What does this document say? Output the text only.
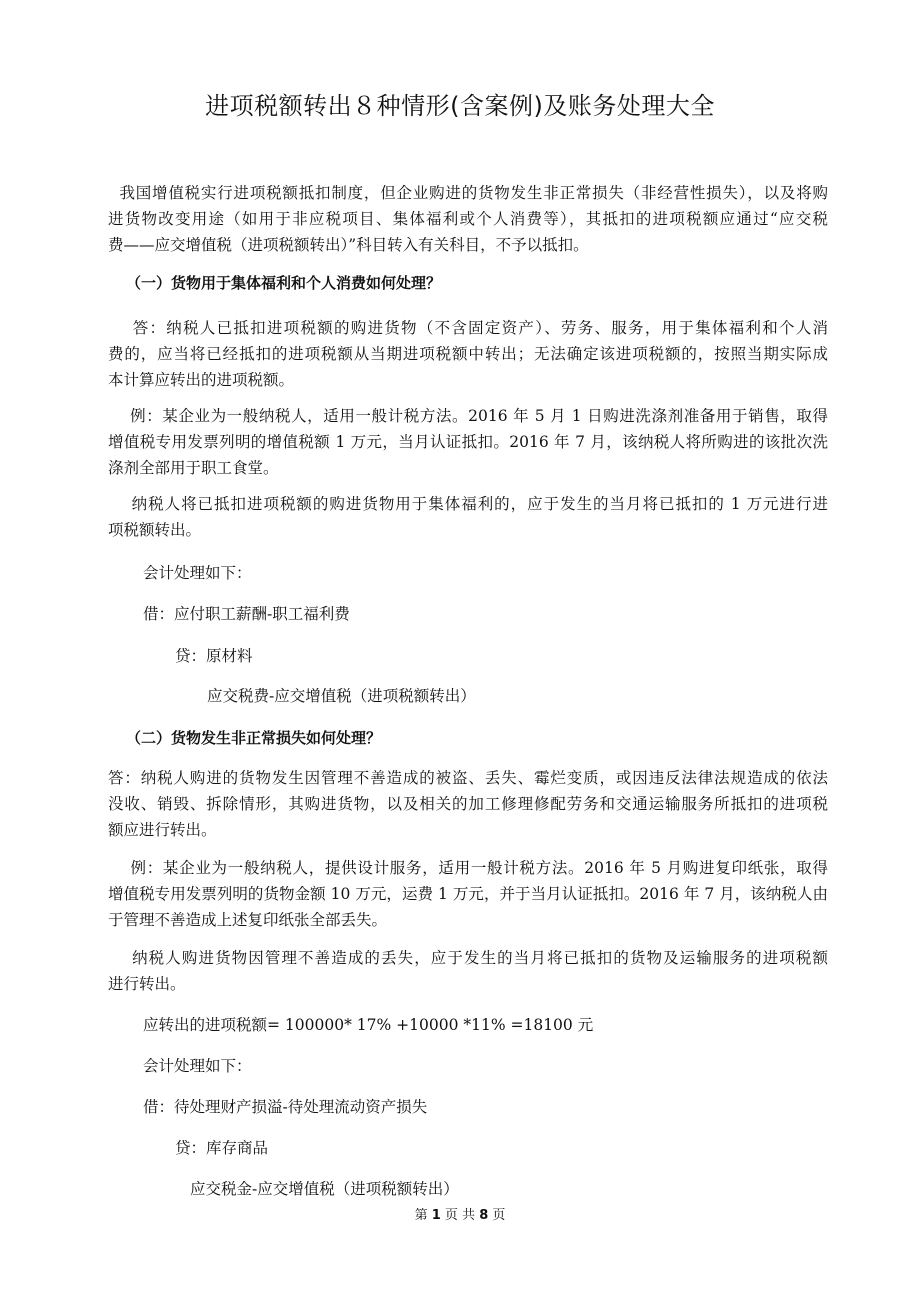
进项税额转出８种情形(含案例)及账务处理大全
我国增值税实行进项税额抵扣制度，但企业购进的货物发生非正常损失（非经营性损失），以及将购
进货物改变用途（如用于非应税项目、集体福利或个人消费等），其抵扣的进项税额应通过“应交税
费——应交增值税（进项税额转出）”科目转入有关科目，不予以抵扣。
（一）货物用于集体福利和个人消费如何处理？
答：纳税人已抵扣进项税额的购进货物（不含固定资产）、劳务、服务，用于集体福利和个人消
费的，应当将已经抵扣的进项税额从当期进项税额中转出；无法确定该进项税额的，按照当期实际成
本计算应转出的进项税额。
例：某企业为一般纳税人，适用一般计税方法。2016 年 5 月 1 日购进洗涤剂准备用于销售，取得
增值税专用发票列明的增值税额 1 万元，当月认证抵扣。2016 年 7 月，该纳税人将所购进的该批次洗
涤剂全部用于职工食堂。
纳税人将已抵扣进项税额的购进货物用于集体福利的，应于发生的当月将已抵扣的 1 万元进行进
项税额转出。
会计处理如下：
借：应付职工薪酬-职工福利费
贷：原材料
应交税费-应交增值税（进项税额转出）
（二）货物发生非正常损失如何处理？
答：纳税人购进的货物发生因管理不善造成的被盗、丢失、霉烂变质，或因违反法律法规造成的依法
没收、销毁、拆除情形，其购进货物，以及相关的加工修理修配劳务和交通运输服务所抵扣的进项税
额应进行转出。
例：某企业为一般纳税人，提供设计服务，适用一般计税方法。2016 年 5 月购进复印纸张，取得
增值税专用发票列明的货物金额 10 万元，运费 1 万元，并于当月认证抵扣。2016 年 7 月，该纳税人由
于管理不善造成上述复印纸张全部丢失。
纳税人购进货物因管理不善造成的丢失，应于发生的当月将已抵扣的货物及运输服务的进项税额
进行转出。
应转出的进项税额= 100000* 17% +10000 *11% =18100 元
会计处理如下：
借：待处理财产损溢-待处理流动资产损失
贷：库存商品
应交税金-应交增值税（进项税额转出）
第 1 页 共 8 页
